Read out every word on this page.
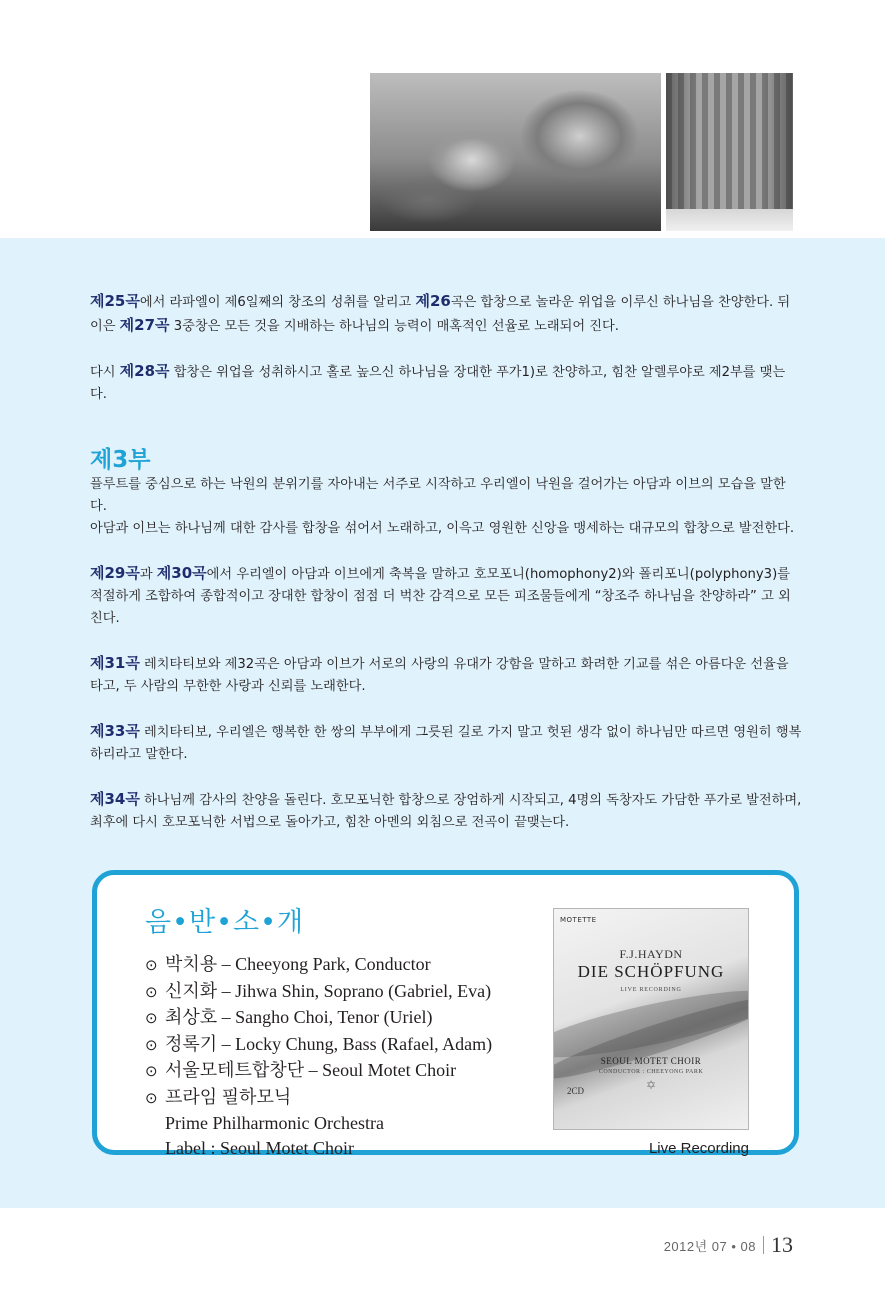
제25곡에서 라파엘이 제6일째의 창조의 성취를 알리고 제26곡은 합창으로 놀라운 위업을 이루신 하나님을 찬양한다. 뒤이은 제27곡 3중창은 모든 것을 지배하는 하나님의 능력이 매혹적인 선율로 노래되어 진다.

다시 제28곡 합창은 위업을 성취하시고 홀로 높으신 하나님을 장대한 푸가1)로 찬양하고, 힘찬 알렐루야로 제2부를 맺는다.

제3부

플루트를 중심으로 하는 낙원의 분위기를 자아내는 서주로 시작하고 우리엘이 낙원을 걸어가는 아담과 이브의 모습을 말한다.

아담과 이브는 하나님께 대한 감사를 합창을 섞어서 노래하고, 이윽고 영원한 신앙을 맹세하는 대규모의 합창으로 발전한다.

제29곡과 제30곡에서 우리엘이 아담과 이브에게 축복을 말하고 호모포니(homophony2)와 폴리포니(polyphony3)를 적절하게 조합하여 종합적이고 장대한 합창이 점점 더 벅찬 감격으로 모든 피조물들에게 “창조주 하나님을 찬양하라” 고 외친다.

제31곡 레치타티보와 제32곡은 아담과 이브가 서로의 사랑의 유대가 강함을 말하고 화려한 기교를 섞은 아름다운 선율을 타고, 두 사람의 무한한 사랑과 신뢰를 노래한다.

제33곡 레치타티보, 우리엘은 행복한 한 쌍의 부부에게 그릇된 길로 가지 말고 헛된 생각 없이 하나님만 따르면 영원히 행복하리라고 말한다.

제34곡 하나님께 감사의 찬양을 돌린다. 호모포닉한 합창으로 장엄하게 시작되고, 4명의 독창자도 가담한 푸가로 발전하며, 최후에 다시 호모포닉한 서법으로 돌아가고, 힘찬 아멘의 외침으로 전곡이 끝맺는다.

음•반•소•개
⊙ 박치용 – Cheeyong Park, Conductor
⊙ 신지화 – Jihwa Shin, Soprano (Gabriel, Eva)
⊙ 최상호 – Sangho Choi, Tenor (Uriel)
⊙ 정록기 – Locky Chung, Bass (Rafael, Adam)
⊙ 서울모테트합창단 – Seoul Motet Choir
⊙ 프라임 필하모닉
Prime Philharmonic Orchestra
Label : Seoul Motet Choir
MOTETTE
F.J.HAYDN
DIE SCHÖPFUNG
LIVE RECORDING
SEOUL MOTET CHOIR
CONDUCTOR : CHEEYONG PARK
✡
2CD
Live Recording
2012년 07 • 08 13
